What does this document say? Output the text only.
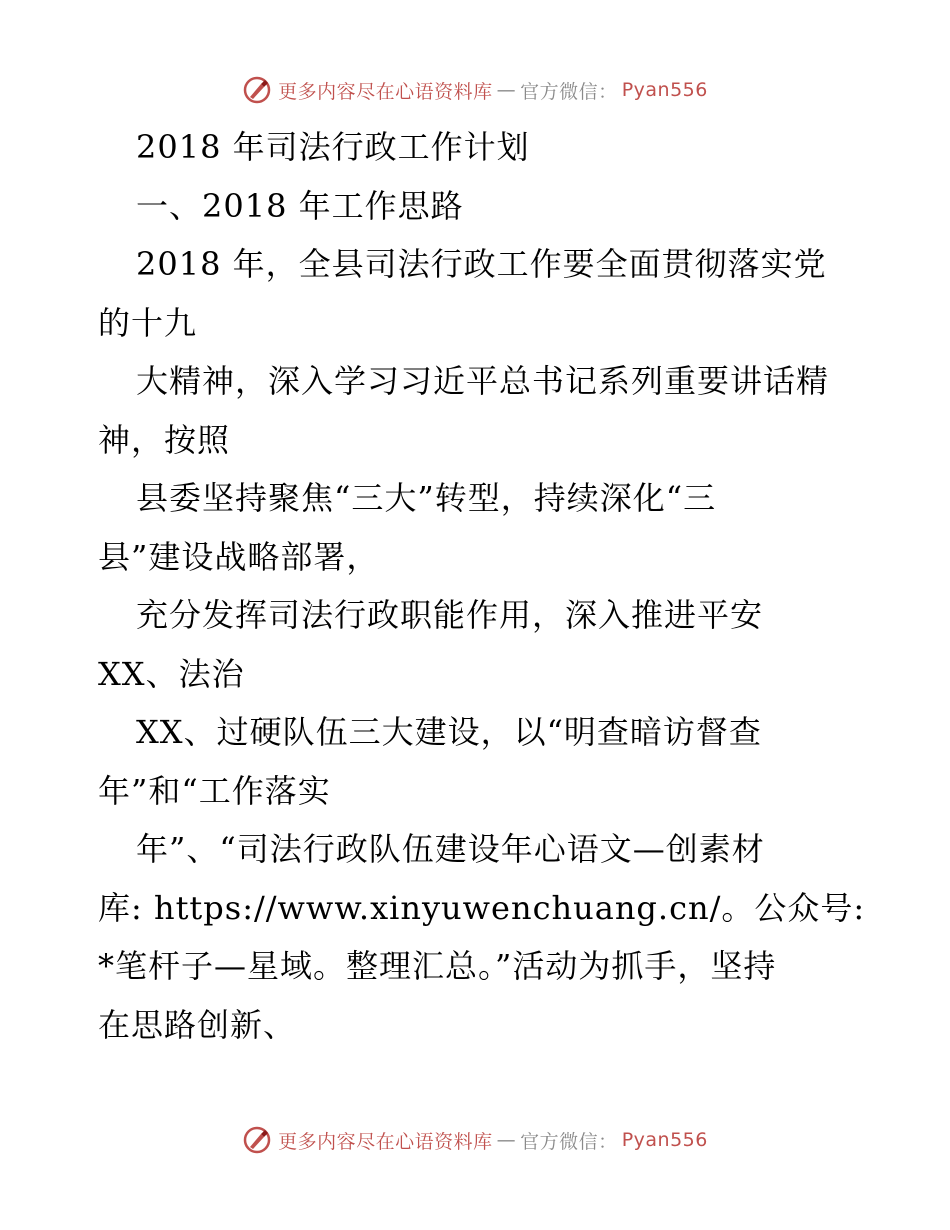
更多内容尽在心语资料库 — 官方微信： Pyan556
2018 年司法行政工作计划
一、2018 年工作思路
2018 年，全县司法行政工作要全面贯彻落实党
的十九
大精神，深入学习习近平总书记系列重要讲话精
神，按照
县委坚持聚焦“三大”转型，持续深化“三
县”建设战略部署，
充分发挥司法行政职能作用，深入推进平安
XX、法治
XX、过硬队伍三大建设，以“明查暗访督查
年”和“工作落实
年”、“司法行政队伍建设年心语文—创素材
库: https://www.xinyuwenchuang.cn/。公众号:
*笔杆子—星域。整理汇总。”活动为抓手，坚持
在思路创新、
更多内容尽在心语资料库 — 官方微信： Pyan556
